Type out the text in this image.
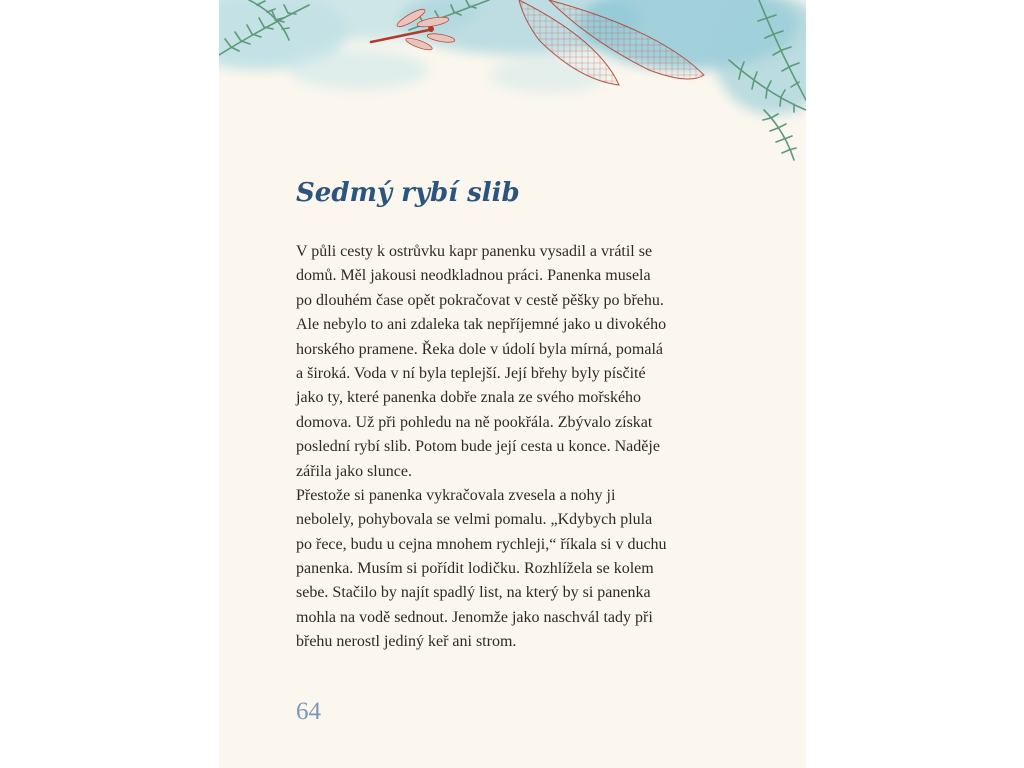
Sedmý rybí slib
V půli cesty k ostrůvku kapr panenku vysadil a vrátil se
domů. Měl jakousi neodkladnou práci. Panenka musela
po dlouhém čase opět pokračovat v cestě pěšky po břehu.
Ale nebylo to ani zdaleka tak nepříjemné jako u divokého
horského pramene. Řeka dole v údolí byla mírná, pomalá
a široká. Voda v ní byla teplejší. Její břehy byly písčité
jako ty, které panenka dobře znala ze svého mořského
domova. Už při pohledu na ně pookřála. Zbývalo získat
poslední rybí slib. Potom bude její cesta u konce. Naděje
zářila jako slunce.
Přestože si panenka vykračovala zvesela a nohy ji
nebolely, pohybovala se velmi pomalu. „Kdybych plula
po řece, budu u cejna mnohem rychleji,“ říkala si v duchu
panenka. Musím si pořídit lodičku. Rozhlížela se kolem
sebe. Stačilo by najít spadlý list, na který by si panenka
mohla na vodě sednout. Jenomže jako naschvál tady při
břehu nerostl jediný keř ani strom.
64
